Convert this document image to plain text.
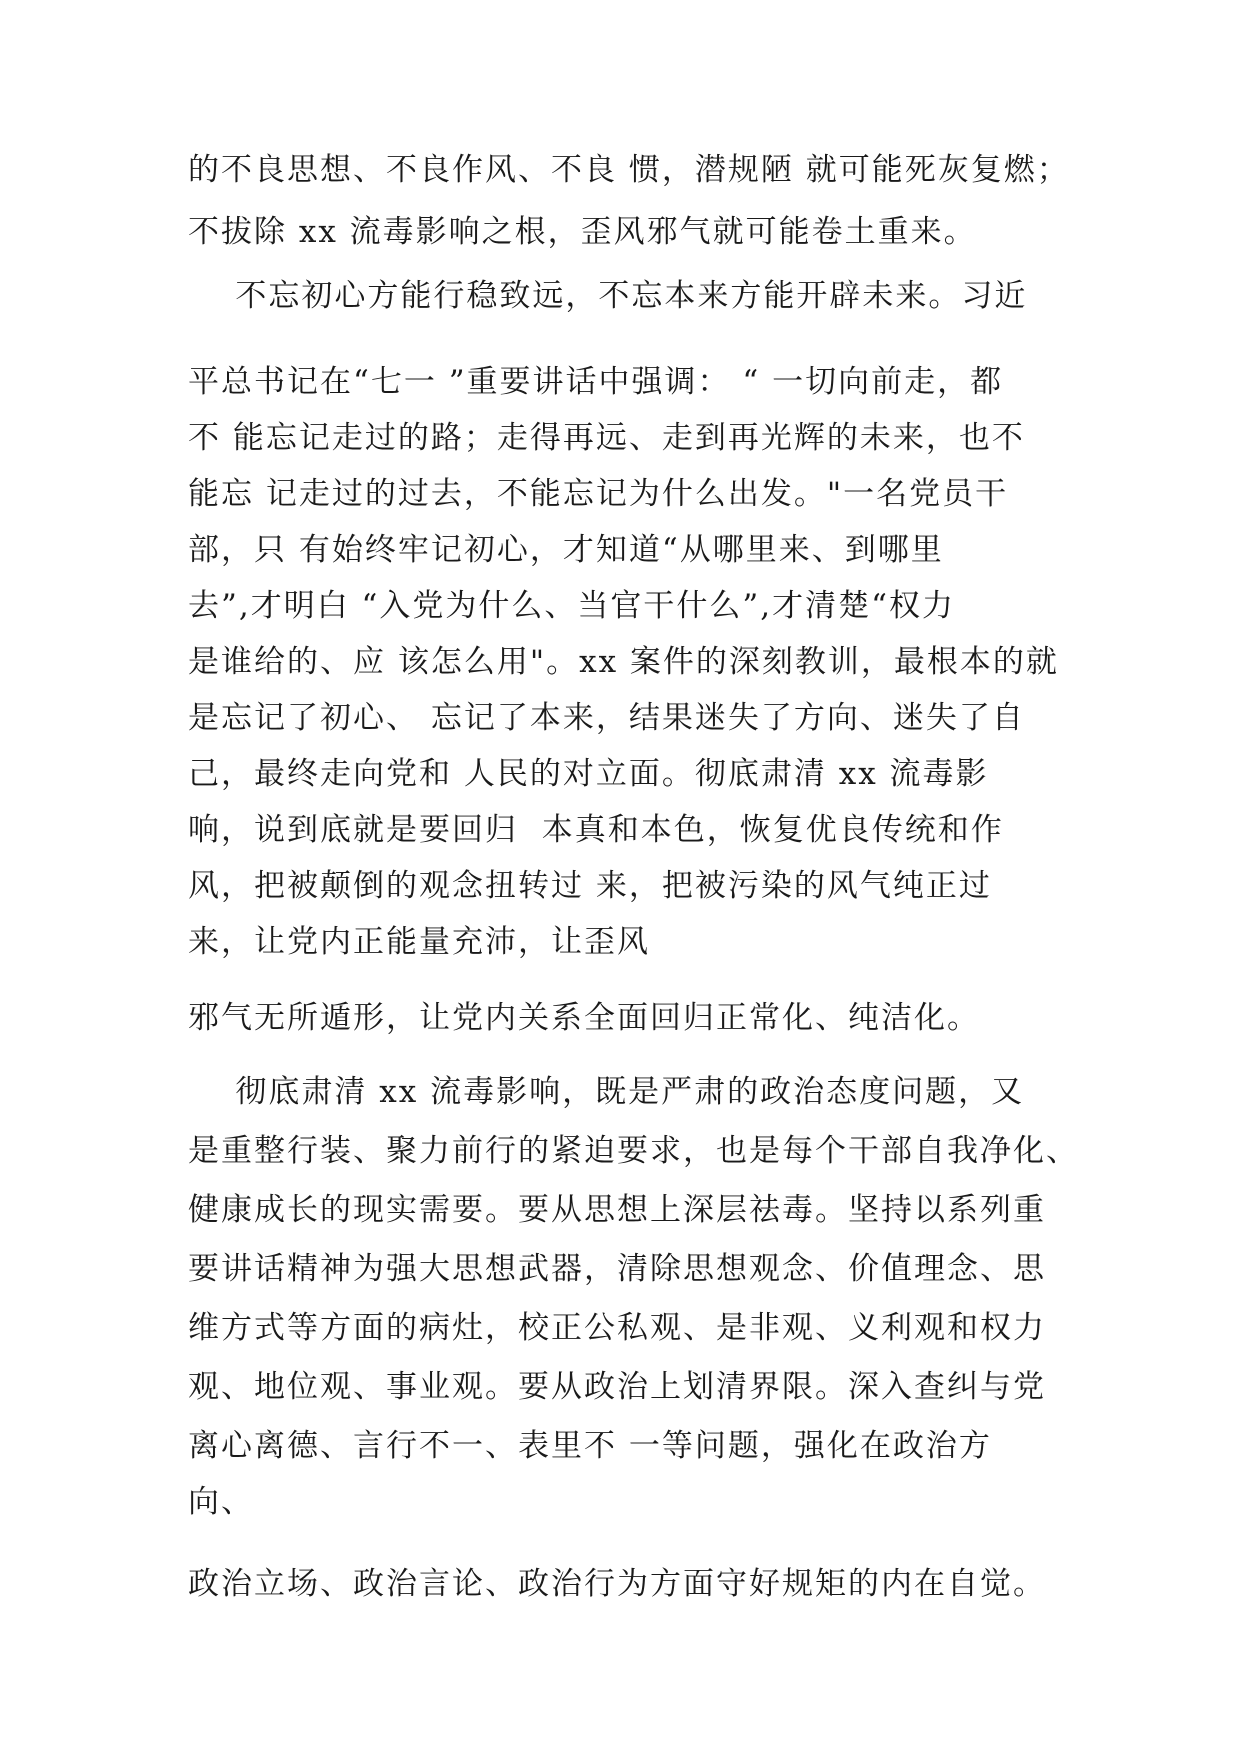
的不良思想、不良作风、不良 惯，潜规陋 就可能死灰复燃；
不拔除 xx 流毒影响之根，歪风邪气就可能卷土重来。
不忘初心方能行稳致远，不忘本来方能开辟未来。习近
平总书记在“七一 ”重要讲话中强调： “ 一切向前走，都
不 能忘记走过的路；走得再远、走到再光辉的未来，也不
能忘 记走过的过去，不能忘记为什么出发。"一名党员干
部，只 有始终牢记初心，才知道“从哪里来、到哪里
去”,才明白 “入党为什么、当官干什么”,才清楚“权力
是谁给的、应 该怎么用"。xx 案件的深刻教训，最根本的就
是忘记了初心、 忘记了本来，结果迷失了方向、迷失了自
己，最终走向党和 人民的对立面。彻底肃清 xx 流毒影
响，说到底就是要回归  本真和本色，恢复优良传统和作
风，把被颠倒的观念扭转过 来，把被污染的风气纯正过
来，让党内正能量充沛，让歪风
邪气无所遁形，让党内关系全面回归正常化、纯洁化。
彻底肃清 xx 流毒影响，既是严肃的政治态度问题，又
是重整行装、聚力前行的紧迫要求，也是每个干部自我净化、
健康成长的现实需要。要从思想上深层祛毒。坚持以系列重
要讲话精神为强大思想武器，清除思想观念、价值理念、思
维方式等方面的病灶，校正公私观、是非观、义利观和权力
观、地位观、事业观。要从政治上划清界限。深入查纠与党
离心离德、言行不一、表里不 一等问题，强化在政治方
向、
政治立场、政治言论、政治行为方面守好规矩的内在自觉。
